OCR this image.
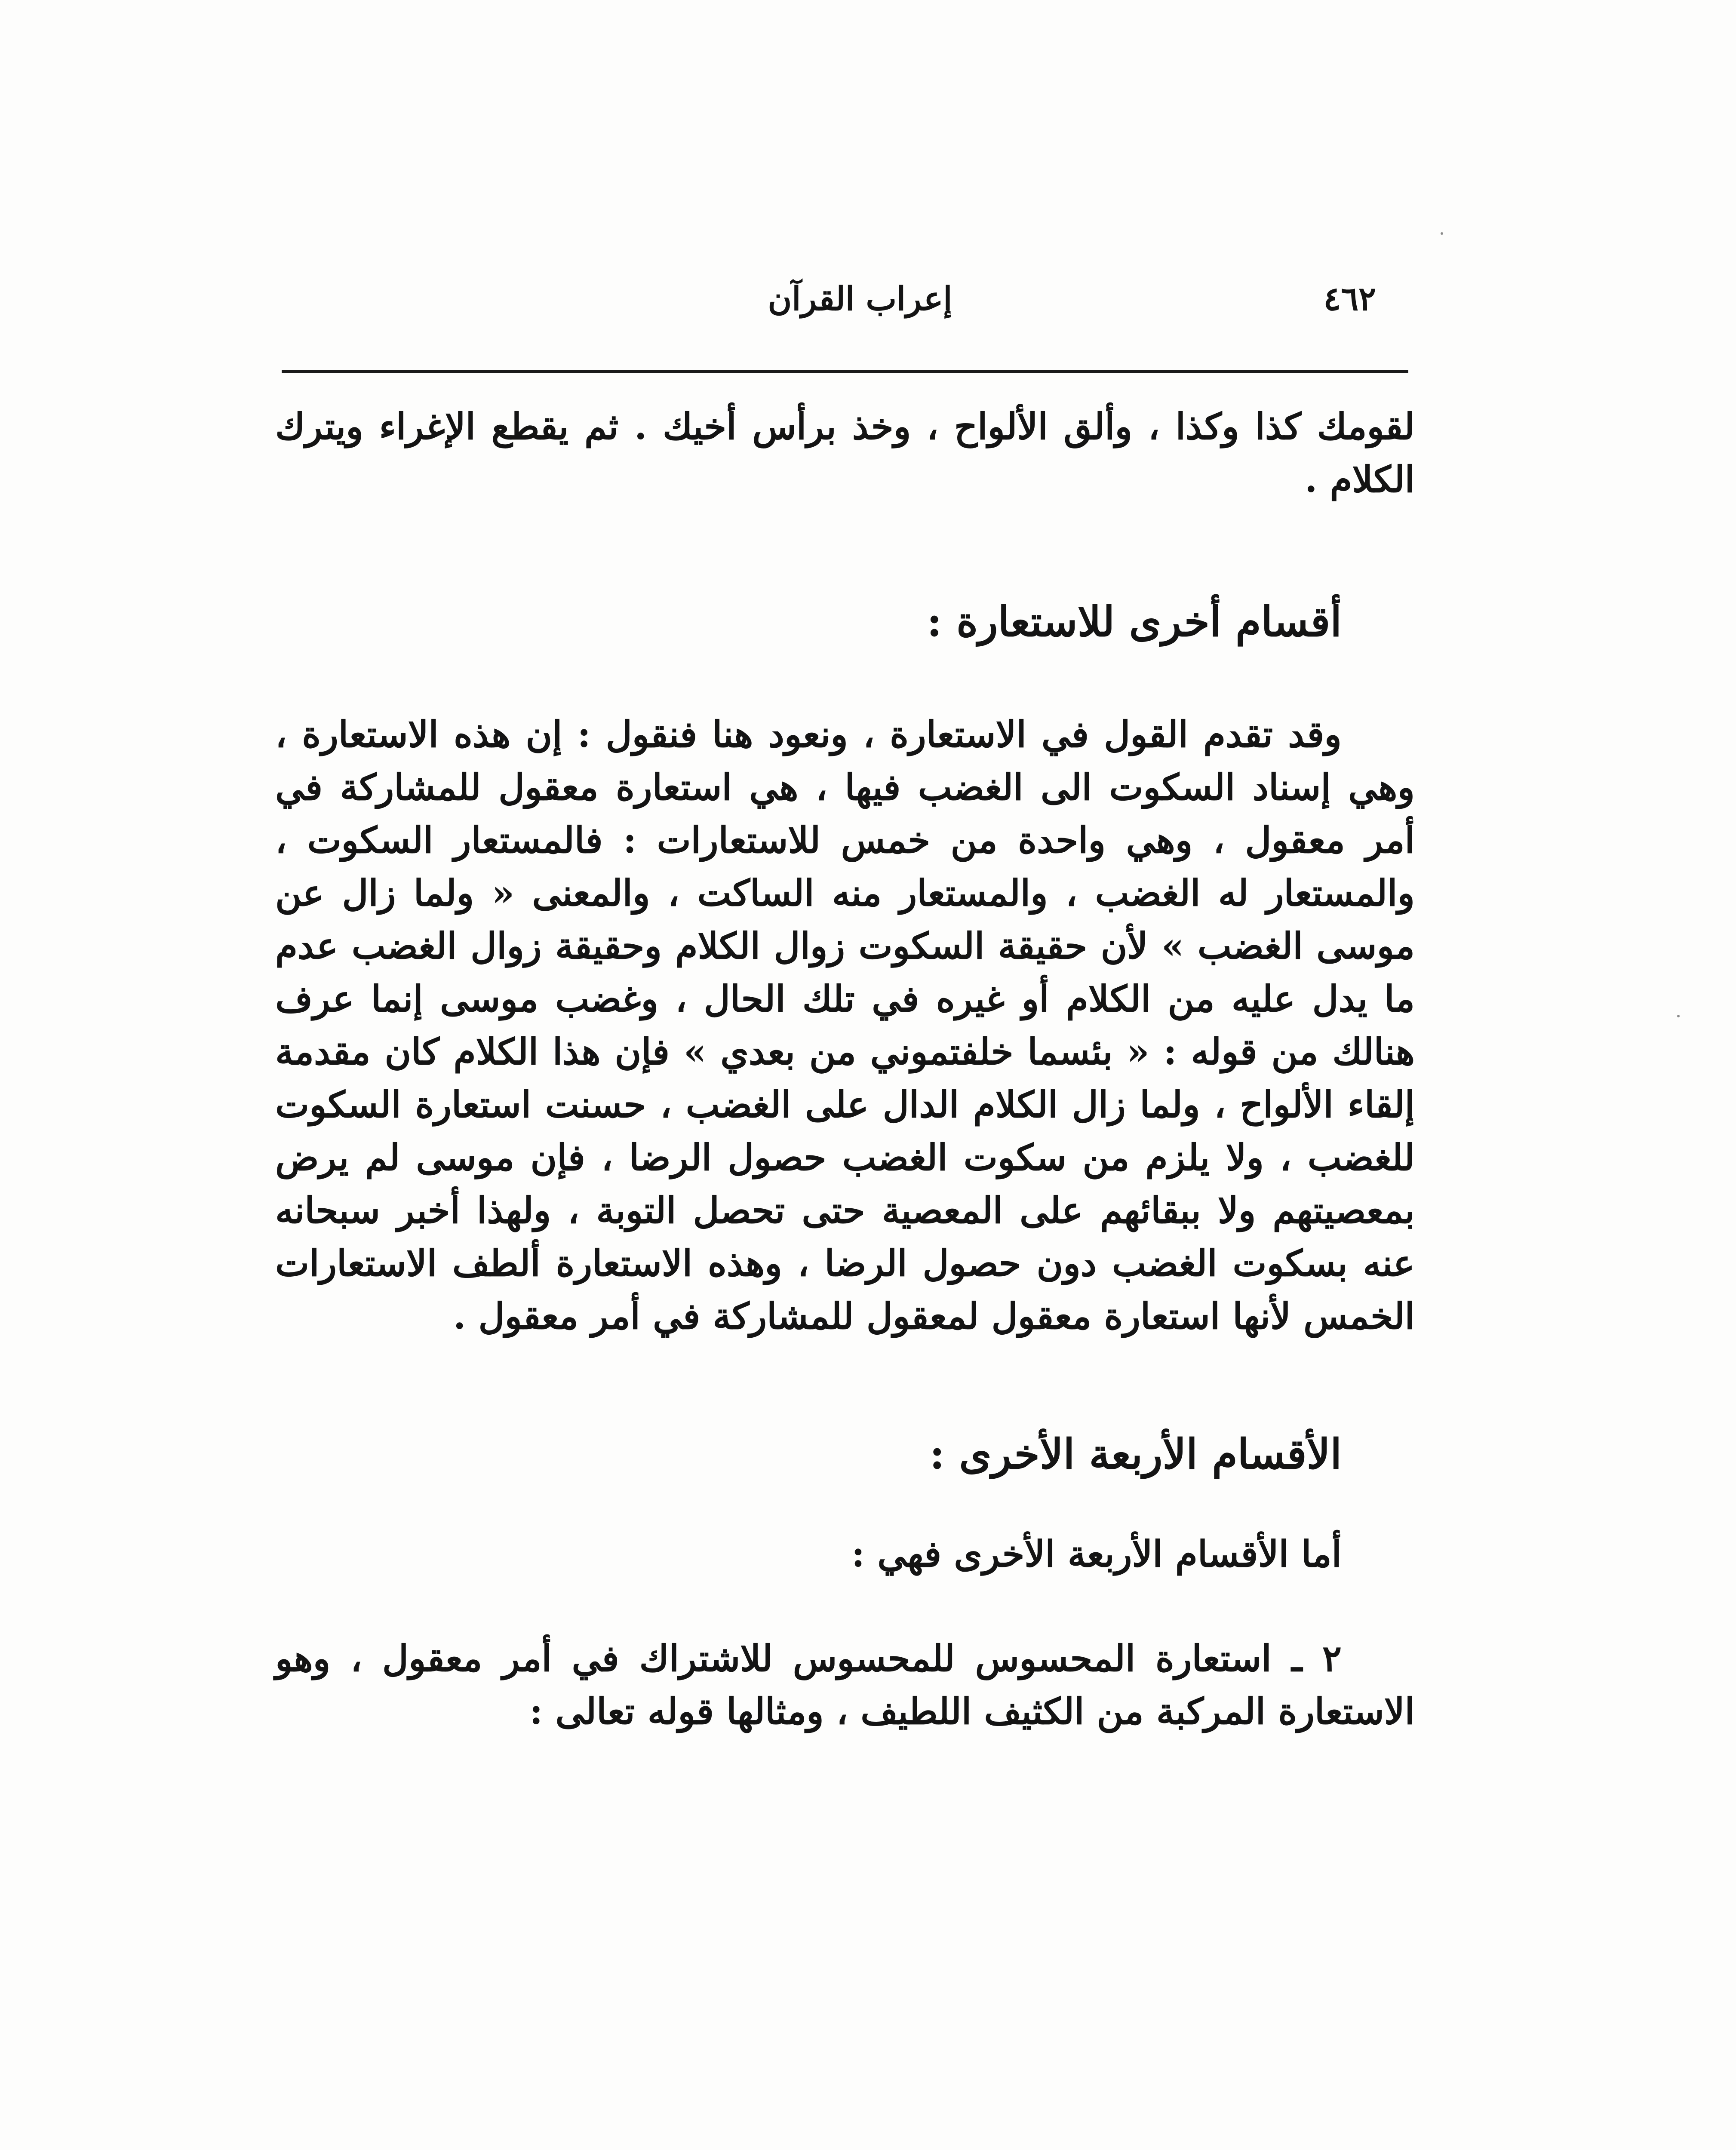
٤٦٢
إعراب القرآن

لقومك كذا وكذا ، وألق الألواح ، وخذ برأس أخيك . ثم يقطع الإغراء ويترك الكلام .

أقسام أخرى للاستعارة :

وقد تقدم القول في الاستعارة ، ونعود هنا فنقول : إن هذه الاستعارة ، وهي إسناد السكوت الى الغضب فيها ، هي استعارة معقول للمشاركة في أمر معقول ، وهي واحدة من خمس للاستعارات : فالمستعار السكوت ، والمستعار له الغضب ، والمستعار منه الساكت ، والمعنى « ولما زال عن موسى الغضب » لأن حقيقة السكوت زوال الكلام وحقيقة زوال الغضب عدم ما يدل عليه من الكلام أو غيره في تلك الحال ، وغضب موسى إنما عرف هنالك من قوله : « بئسما خلفتموني من بعدي » فإن هذا الكلام كان مقدمة إلقاء الألواح ، ولما زال الكلام الدال على الغضب ، حسنت استعارة السكوت للغضب ، ولا يلزم من سكوت الغضب حصول الرضا ، فإن موسى لم يرض بمعصيتهم ولا ببقائهم على المعصية حتى تحصل التوبة ، ولهذا أخبر سبحانه عنه بسكوت الغضب دون حصول الرضا ، وهذه الاستعارة ألطف الاستعارات الخمس لأنها استعارة معقول لمعقول للمشاركة في أمر معقول .

الأقسام الأربعة الأخرى :

أما الأقسام الأربعة الأخرى فهي :

٢ ـ استعارة المحسوس للمحسوس للاشتراك في أمر معقول ، وهو الاستعارة المركبة من الكثيف اللطيف ، ومثالها قوله تعالى :
